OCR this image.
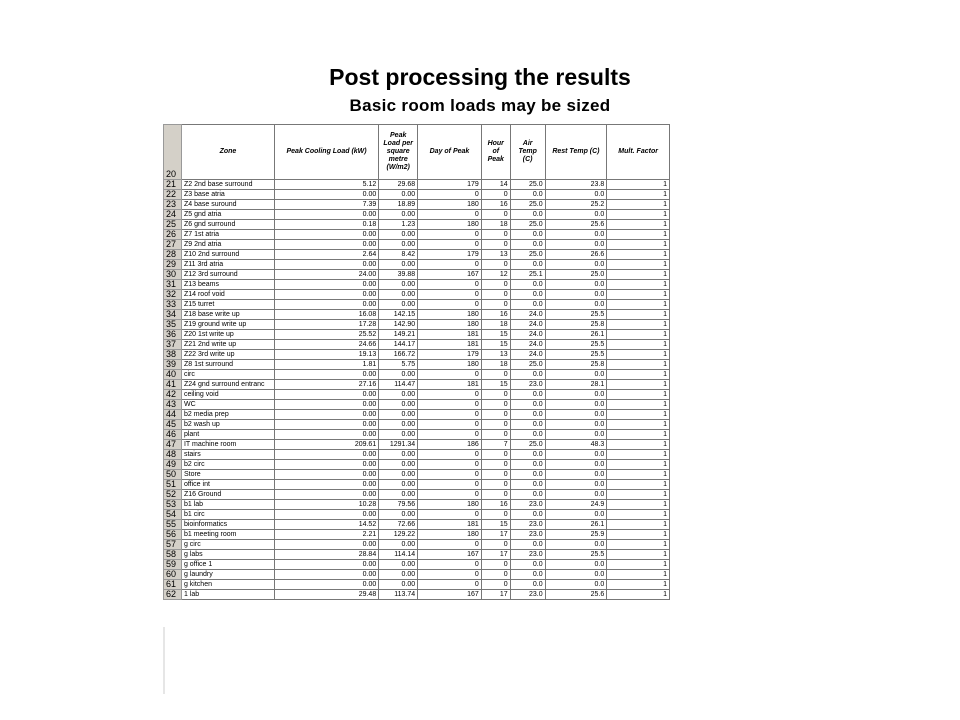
Post processing the results
Basic room loads may be sized
20	Zone	Peak Cooling Load (kW)	Peak Load per square metre (W/m2)	Day of Peak	Hour of Peak	Air Temp (C)	Rest Temp (C)	Mult. Factor
21	Z2 2nd base surround	5.12	29.68	179	14	25.0	23.8	1
22	Z3 base atria	0.00	0.00	0	0	0.0	0.0	1
23	Z4 base suround	7.39	18.89	180	16	25.0	25.2	1
24	Z5 gnd atria	0.00	0.00	0	0	0.0	0.0	1
25	Z6 gnd surround	0.18	1.23	180	18	25.0	25.6	1
26	Z7 1st atria	0.00	0.00	0	0	0.0	0.0	1
27	Z9 2nd atria	0.00	0.00	0	0	0.0	0.0	1
28	Z10 2nd surround	2.64	8.42	179	13	25.0	26.6	1
29	Z11 3rd atria	0.00	0.00	0	0	0.0	0.0	1
30	Z12 3rd surround	24.00	39.88	167	12	25.1	25.0	1
31	Z13 beams	0.00	0.00	0	0	0.0	0.0	1
32	Z14 roof void	0.00	0.00	0	0	0.0	0.0	1
33	Z15 turret	0.00	0.00	0	0	0.0	0.0	1
34	Z18 base write up	16.08	142.15	180	16	24.0	25.5	1
35	Z19 ground write up	17.28	142.90	180	18	24.0	25.8	1
36	Z20 1st write up	25.52	149.21	181	15	24.0	26.1	1
37	Z21 2nd write up	24.66	144.17	181	15	24.0	25.5	1
38	Z22 3rd write up	19.13	166.72	179	13	24.0	25.5	1
39	Z8 1st surround	1.81	5.75	180	18	25.0	25.8	1
40	circ	0.00	0.00	0	0	0.0	0.0	1
41	Z24 gnd surround entranc	27.16	114.47	181	15	23.0	28.1	1
42	ceiling void	0.00	0.00	0	0	0.0	0.0	1
43	WC	0.00	0.00	0	0	0.0	0.0	1
44	b2 media prep	0.00	0.00	0	0	0.0	0.0	1
45	b2 wash up	0.00	0.00	0	0	0.0	0.0	1
46	plant	0.00	0.00	0	0	0.0	0.0	1
47	IT machine room	209.61	1291.34	186	7	25.0	48.3	1
48	stairs	0.00	0.00	0	0	0.0	0.0	1
49	b2 circ	0.00	0.00	0	0	0.0	0.0	1
50	Store	0.00	0.00	0	0	0.0	0.0	1
51	office int	0.00	0.00	0	0	0.0	0.0	1
52	Z16 Ground	0.00	0.00	0	0	0.0	0.0	1
53	b1 lab	10.28	79.56	180	16	23.0	24.9	1
54	b1 circ	0.00	0.00	0	0	0.0	0.0	1
55	bioinformatics	14.52	72.66	181	15	23.0	26.1	1
56	b1 meeting room	2.21	129.22	180	17	23.0	25.9	1
57	g circ	0.00	0.00	0	0	0.0	0.0	1
58	g labs	28.84	114.14	167	17	23.0	25.5	1
59	g office 1	0.00	0.00	0	0	0.0	0.0	1
60	g laundry	0.00	0.00	0	0	0.0	0.0	1
61	g kitchen	0.00	0.00	0	0	0.0	0.0	1
62	1 lab	29.48	113.74	167	17	23.0	25.6	1
